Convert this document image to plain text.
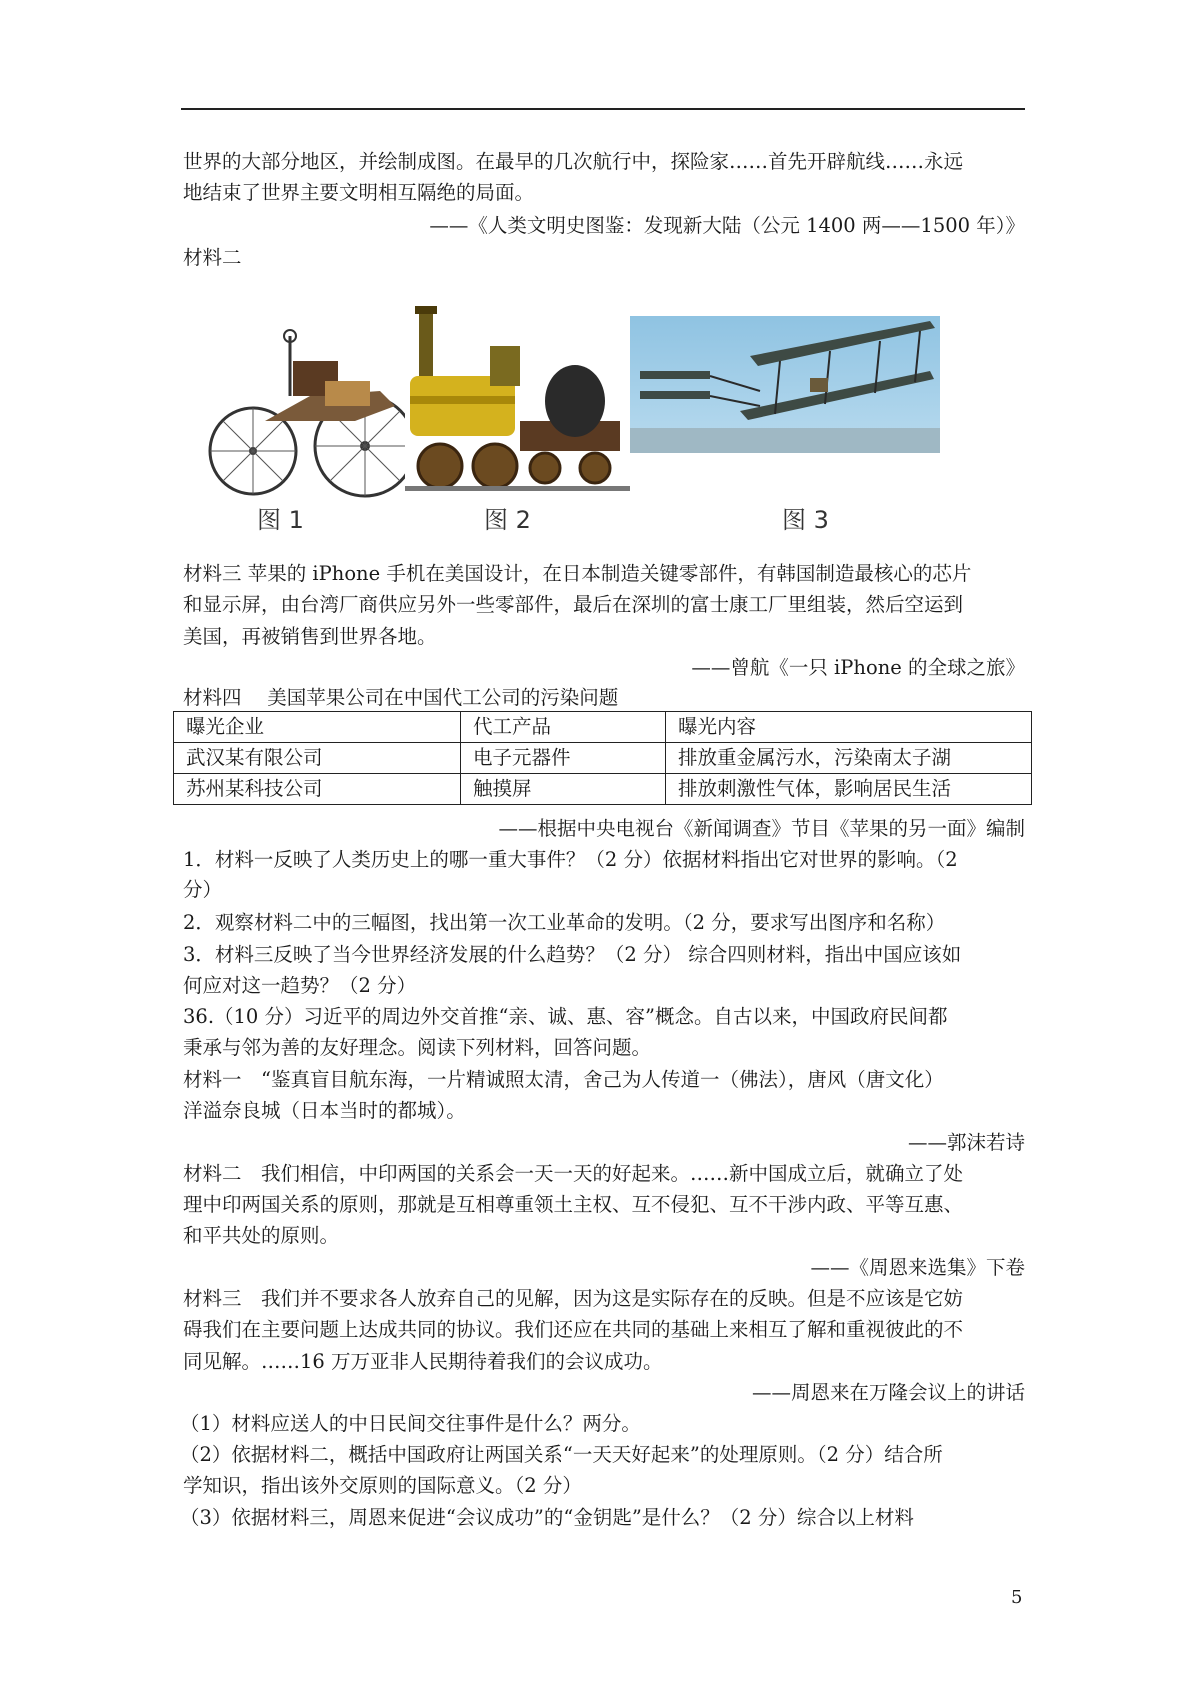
世界的大部分地区，并绘制成图。在最早的几次航行中，探险家……首先开辟航线……永远
地结束了世界主要文明相互隔绝的局面。
——《人类文明史图鉴：发现新大陆（公元 1400 两——1500 年）》
材料二
图 1	图 2	图 3
材料三 苹果的 iPhone 手机在美国设计，在日本制造关键零部件，有韩国制造最核心的芯片
和显示屏，由台湾厂商供应另外一些零部件，最后在深圳的富士康工厂里组装，然后空运到
美国，再被销售到世界各地。
——曾航《一只 iPhone 的全球之旅》
材料四　 美国苹果公司在中国代工公司的污染问题
曝光企业	代工产品	曝光内容
武汉某有限公司	电子元器件	排放重金属污水，污染南太子湖
苏州某科技公司	触摸屏	排放刺激性气体，影响居民生活
——根据中央电视台《新闻调查》节目《苹果的另一面》编制
1．材料一反映了人类历史上的哪一重大事件？（2 分）依据材料指出它对世界的影响。（2
分）
2．观察材料二中的三幅图，找出第一次工业革命的发明。（2 分，要求写出图序和名称）
3．材料三反映了当今世界经济发展的什么趋势？（2 分） 综合四则材料，指出中国应该如
何应对这一趋势？（2 分）
36.（10 分）习近平的周边外交首推“亲、诚、惠、容”概念。自古以来，中国政府民间都
秉承与邻为善的友好理念。阅读下列材料，回答问题。
材料一　“鉴真盲目航东海，一片精诚照太清，舍己为人传道一（佛法），唐风（唐文化）
洋溢奈良城（日本当时的都城）。
——郭沫若诗
材料二　我们相信，中印两国的关系会一天一天的好起来。……新中国成立后，就确立了处
理中印两国关系的原则，那就是互相尊重领土主权、互不侵犯、互不干涉内政、平等互惠、
和平共处的原则。
——《周恩来选集》下卷
材料三　我们并不要求各人放弃自己的见解，因为这是实际存在的反映。但是不应该是它妨
碍我们在主要问题上达成共同的协议。我们还应在共同的基础上来相互了解和重视彼此的不
同见解。……16 万万亚非人民期待着我们的会议成功。
——周恩来在万隆会议上的讲话
（1）材料应送人的中日民间交往事件是什么？两分。
（2）依据材料二，概括中国政府让两国关系“一天天好起来”的处理原则。（2 分）结合所
学知识，指出该外交原则的国际意义。（2 分）
（3）依据材料三，周恩来促进“会议成功”的“金钥匙”是什么？（2 分）综合以上材料
5
